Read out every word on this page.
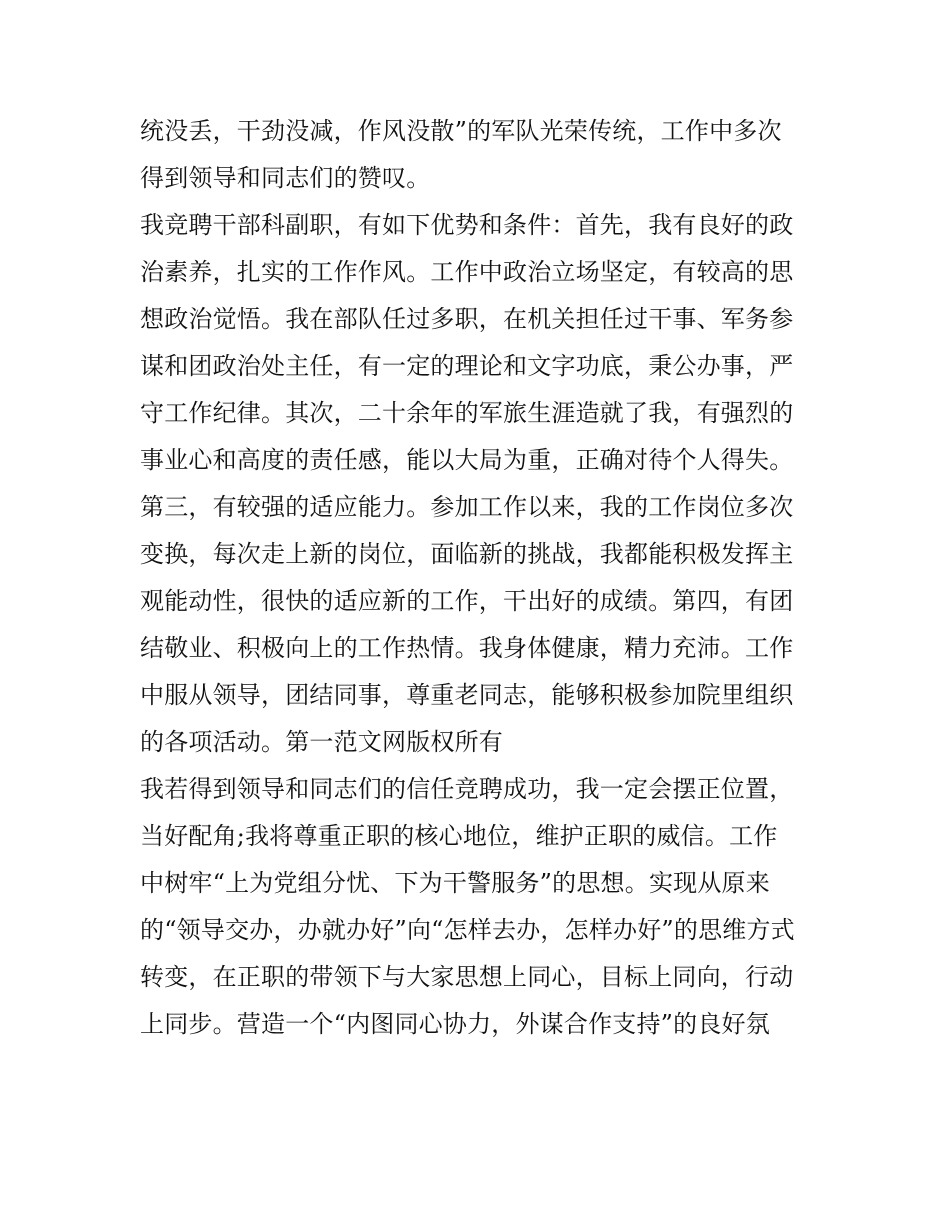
统没丢，干劲没减，作风没散”的军队光荣传统，工作中多次
得到领导和同志们的赞叹。
我竞聘干部科副职，有如下优势和条件：首先，我有良好的政
治素养，扎实的工作作风。工作中政治立场坚定，有较高的思
想政治觉悟。我在部队任过多职，在机关担任过干事、军务参
谋和团政治处主任，有一定的理论和文字功底，秉公办事，严
守工作纪律。其次，二十余年的军旅生涯造就了我，有强烈的
事业心和高度的责任感，能以大局为重，正确对待个人得失。
第三，有较强的适应能力。参加工作以来，我的工作岗位多次
变换，每次走上新的岗位，面临新的挑战，我都能积极发挥主
观能动性，很快的适应新的工作，干出好的成绩。第四，有团
结敬业、积极向上的工作热情。我身体健康，精力充沛。工作
中服从领导，团结同事，尊重老同志，能够积极参加院里组织
的各项活动。第一范文网版权所有
我若得到领导和同志们的信任竞聘成功，我一定会摆正位置，
当好配角;我将尊重正职的核心地位，维护正职的威信。工作
中树牢“上为党组分忧、下为干警服务”的思想。实现从原来
的“领导交办，办就办好”向“怎样去办，怎样办好”的思维方式
转变，在正职的带领下与大家思想上同心，目标上同向，行动
上同步。营造一个“内图同心协力，外谋合作支持”的良好氛
